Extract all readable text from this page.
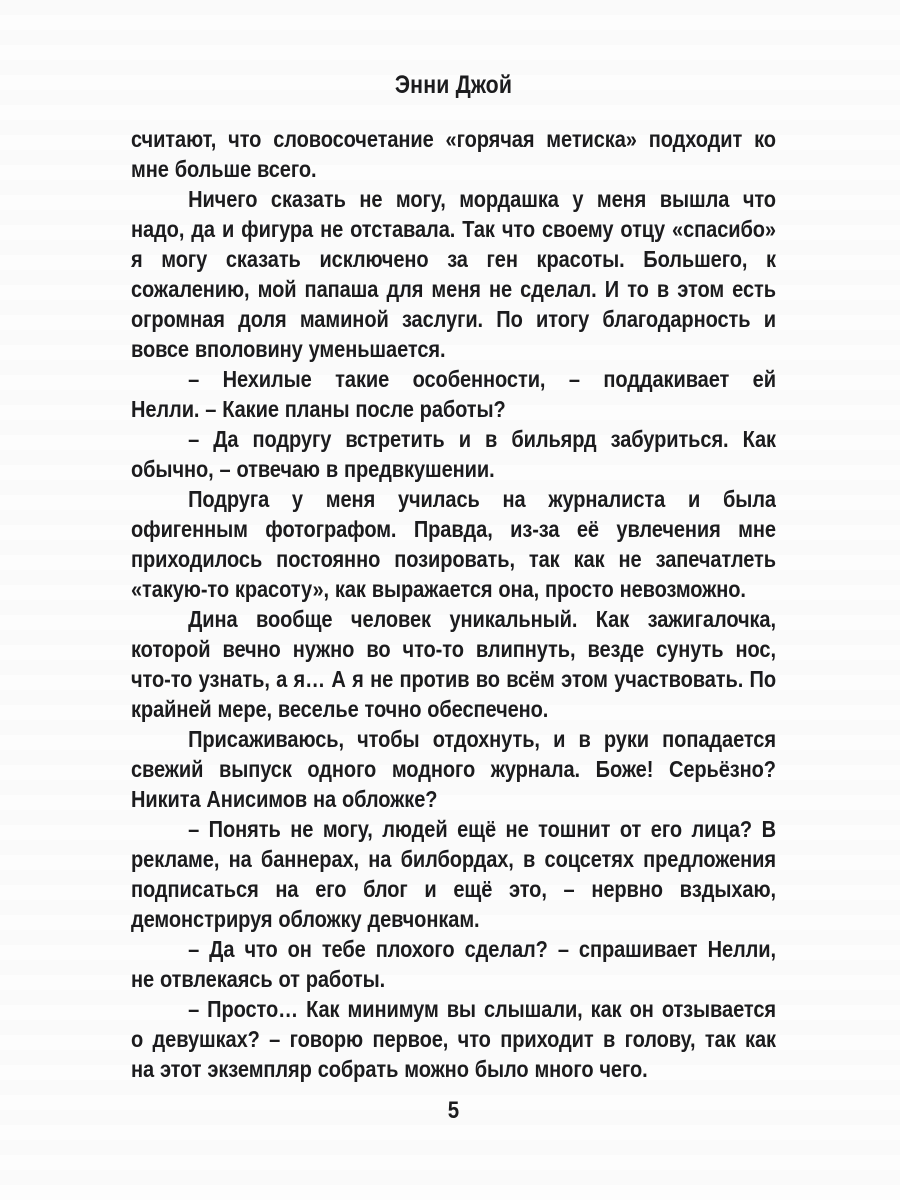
Энни Джой
считают, что словосочетание «горячая метиска» подходит ко
мне больше всего.
Ничего сказать не могу, мордашка у меня вышла что
надо, да и фигура не отставала. Так что своему отцу «спасибо»
я могу сказать исключено за ген красоты. Большего, к
сожалению, мой папаша для меня не сделал. И то в этом есть
огромная доля маминой заслуги. По итогу благодарность и
вовсе вполовину уменьшается.
– Нехилые такие особенности, – поддакивает ей
Нелли. – Какие планы после работы?
– Да подругу встретить и в бильярд забуриться. Как
обычно, – отвечаю в предвкушении.
Подруга у меня училась на журналиста и была
офигенным фотографом. Правда, из-за её увлечения мне
приходилось постоянно позировать, так как не запечатлеть
«такую-то красоту», как выражается она, просто невозможно.
Дина вообще человек уникальный. Как зажигалочка,
которой вечно нужно во что-то влипнуть, везде сунуть нос,
что-то узнать, а я… А я не против во всём этом участвовать. По
крайней мере, веселье точно обеспечено.
Присаживаюсь, чтобы отдохнуть, и в руки попадается
свежий выпуск одного модного журнала. Боже! Серьёзно?
Никита Анисимов на обложке?
– Понять не могу, людей ещё не тошнит от его лица? В
рекламе, на баннерах, на билбордах, в соцсетях предложения
подписаться на его блог и ещё это, – нервно вздыхаю,
демонстрируя обложку девчонкам.
– Да что он тебе плохого сделал? – спрашивает Нелли,
не отвлекаясь от работы.
– Просто… Как минимум вы слышали, как он отзывается
о девушках? – говорю первое, что приходит в голову, так как
на этот экземпляр собрать можно было много чего.
5
